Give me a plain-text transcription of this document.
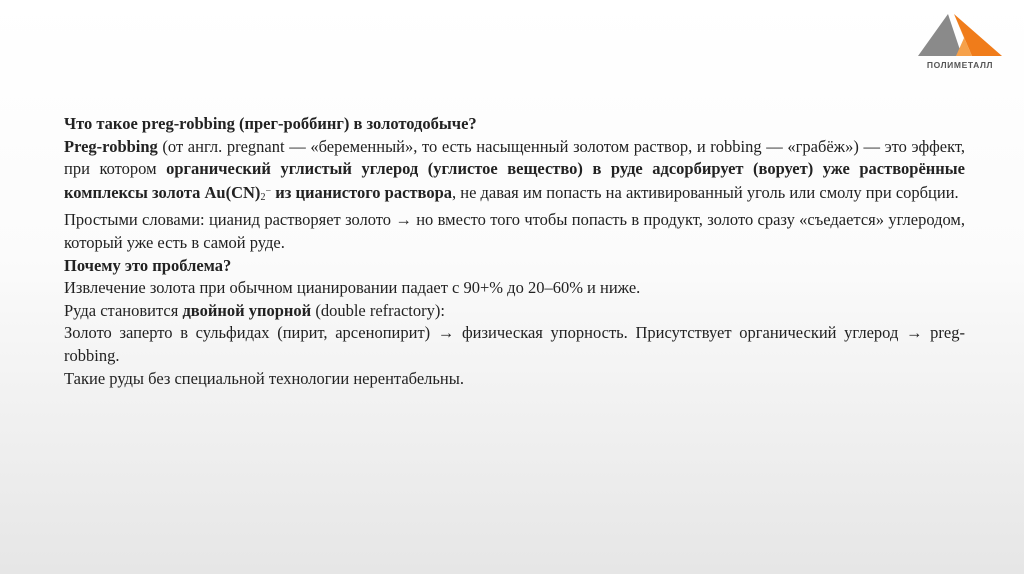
ПОЛИМЕТАЛЛ

Что такое preg-robbing (прег-роббинг) в золотодобыче?

Preg-robbing (от англ. pregnant — «беременный», то есть насыщенный золотом раствор, и robbing — «грабёж») — это эффект, при котором органический углистый углерод (углистое вещество) в руде адсорбирует (ворует) уже растворённые комплексы золота $Au(CN)_2^-$ из цианистого раствора, не давая им попасть на активированный уголь или смолу при сорбции.

Простыми словами: цианид растворяет золото → но вместо того чтобы попасть в продукт, золото сразу «съедается» углеродом, который уже есть в самой руде.

Почему это проблема?

Извлечение золота при обычном цианировании падает с 90+% до 20–60% и ниже.

Руда становится двойной упорной (double refractory):

Золото заперто в сульфидах (пирит, арсенопирит) → физическая упорность. Присутствует органический углерод → preg-robbing.

Такие руды без специальной технологии нерентабельны.
